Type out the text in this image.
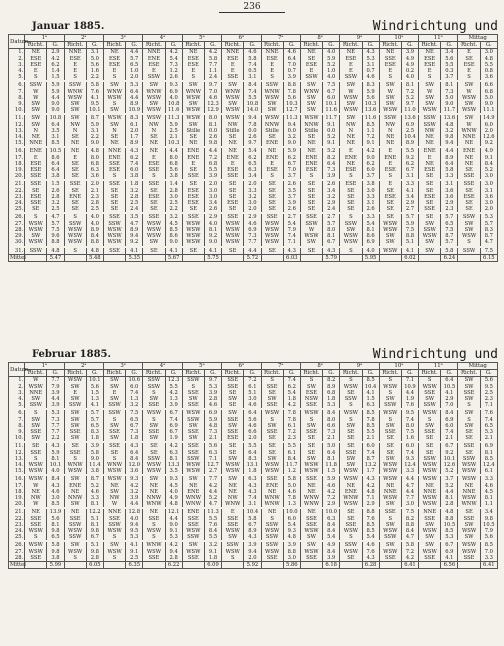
236
Januar 1885.	Windrichtung und
Datum.	1ᵃ		2ᵃ		3ᵃ		4ᵃ		5ᵃ		6ᵃ		7ᵃ		8ᵃ		9ᵃ		10ᵃ		11ᵃ		Mittag	
	Richt.	G.	Richt.	G.	Richt.	G.	Richt.	G.	Richt.	G.	Richt.	G.	Richt.	G.	Richt.	G.	Richt.	G.	Richt.	G.	Richt.	G.	Richt.	G.
1.	NE	2.9	NNE	3.1	NE	4.4	NNE	4.2	NE	4.2	NNE	4.6	NNE	4.6	NE	4.0	NE	4.3	NE	3.9	NE	3.4	E	3.0
2.	ESE	4.2	ESE	5.0	ESE	5.7	ENE	5.4	ESE	5.8	ESE	5.8	ESE	6.4	SE	5.9	ESE	5.3	SSE	4.9	ESE	5.6	SE	4.8
3.	ESE	6.2	E	5.6	ESE	6.5	ESE	7.3	ESE	7.7	E	7.4	E	7.0	ESE	5.2	E	3.1	ESE	4.9	ESE	5.5	ESE	5.5
4.	E	1.4	E	1.6	E	1.0	E	1.2	E	1.1	E	0.5	E	0.7	E	1.0	E	0.7	E	0.2	E	0.3	E	0.8
5.	S	1.5	S	2.2	S	2.0	SSW	2.6	S	2.4	SSE	3.1	S	3.9	SSW	4.0	SSW	4.6	S	4.0	S	3.7	S	3.6

6.	SSW	5.9	SSW	5.8	SW	5.3	SW	9.3	SW	9.7	SW	8.4	SSW	8.8	SW	7.5	SW	8.3	SW	8.1	SW	8.1	SW	6.6
7.	W	5.9	WNW	7.6	WNW	6.4	WNW	6.9	WNW	7.0	WNW	7.4	WNW	7.8	WNW	6.7	W	5.9	W	7.2	W	7.3	W	6.8
8.	W	4.4	WSW	4.1	WSW	4.4	WSW	4.0	WSW	4.6	WSW	5.5	WSW	5.6	SW	6.0	WSW	5.6	SW	5.2	SW	5.0	WSW	5.0
9.	SW	9.0	SW	9.5	S	8.9	SW	10.8	SW	12.3	SW	10.8	SW	10.3	SW	10.1	SW	10.3	SW	9.7	SW	9.0	SW	9.0
10.	SW	9.0	SW	10.1	SW	10.9	WSW	11.6	WSW	12.9	WSW	14.0	SW	12.7	SW	11.6	WSW	13.6	WSW	11.0	WSW	11.7	WSW	11.1

11.	SW	10.8	SW	8.7	WSW	8.3	WSW	11.3	WSW	8.0	WSW	9.4	WSW	11.3	WSW	11.7	SW	11.6	SSW	13.6	SSW	13.6	SW	14.9
12.	SW	6.4	NW	5.9	SW	6.1	NW	5.9	SW	8.1	NW	7.8	NNW	9.4	NNW	9.1	NW	8.5	NW	6.9	SSW	4.8	W	6.0
13.	N	3.5	N	3.1	N	2.0	N	2.5	Stille	0.0	Stille	0.0	Stille	0.0	Stille	0.0	N	1.1	N	2.5	NW	3.2	WNW	2.0
14.	NE	3.1	SE	2.2	SE	1.7	SE	2.1	SE	2.6	SE	2.6	SE	3.2	SE	5.2	NE	7.2	NE	10.4	NE	9.8	NNE	12.6
15.	NNE	8.5	NE	9.0	NE	8.9	NE	10.3	NE	9.8	NE	9.7	ENE	9.0	NE	9.1	NE	9.1	NE	8.9	NE	9.4	NE	9.2

16.	ENE	10.5	NE	4.8	NNE	4.3	NE	4.4	ENE	4.4	NE	5.4	NE	5.9	NE	5.2	E	4.2	E	5.5	ENE	4.4	ENE	4.9
17.	E	8.6	E	8.0	ENE	6.2	E	8.0	ENE	7.2	ENE	6.2	ENE	6.2	ENE	8.2	ENE	9.0	ENE	9.2	E	8.9	NE	9.1
18.	ESE	6.4	SE	6.8	SSE	7.4	ESE	6.8	E	6.8	E	6.5	E	6.7	ENE	6.4	NE	6.2	E	6.2	NE	6.4	NE	8.4
19.	ESE	6.4	SE	6.3	ESE	6.0	SSE	5.6	SE	5.5	ESE	6.3	ESE	7.0	ESE	7.3	ESE	6.0	ESE	6.7	ESE	5.8	SE	5.2
20.	SSE	3.8	SE	3.6	S	3.8	S	3.8	SSE	3.9	SSE	3.4	S	3.7	S	3.9	S	3.7	S	3.1	SE	3.3	SSE	3.0

21.	SSE	1.5	SSE	2.0	SSE	1.8	SSE	1.4	SE	2.0	SE	2.0	SE	2.6	SE	2.6	ESE	3.8	E	3.3	SE	3.1	SSE	3.0
22.	SE	2.6	SE	2.1	SE	3.2	SE	2.8	ESE	3.0	SE	3.3	SE	3.5	SE	3.4	SE	3.0	SE	4.1	SE	3.6	SE	3.1
23.	ESE	2.8	ENE	2.3	SE	2.8	ESE	3.0	ESE	3.0	SE	3.2	SE	3.7	SE	3.2	SE	3.3	ESE	3.4	ESE	3.6	ESE	3.6
24.	SSE	3.2	SE	2.8	SE	2.5	SE	2.5	ESE	3.4	ESE	3.0	SE	3.9	SE	2.9	SE	3.1	SE	2.9	SE	2.9	SE	3.0
25.	SE	2.5	SE	2.5	SE	2.4	SE	2.2	SE	2.6	SE	2.0	SE	2.6	SE	2.4	SE	2.6	SE	2.7	SSE	2.3	SE	2.0

26.	S	4.7	S	4.0	SSE	3.5	SSE	3.2	SSE	2.9	SSE	2.9	SSE	2.7	SSE	2.7	S	3.3	SE	5.7	SE	5.7	SSW	5.3
27.	WSW	5.7	SSW	4.0	SSW	4.7	WSW	4.5	WSW	4.0	WSW	4.6	WSW	5.4	SSW	5.7	SSW	5.4	WSW	5.9	SW	6.5	SW	5.7
28.	WSW	7.5	WSW	8.9	WSW	8.9	WSW	8.5	WSW	8.1	WSW	6.9	WSW	7.9	W	8.0	SW	8.1	WSW	7.5	SSW	7.5	SW	8.3
29.	SW	9.6	WSW	8.4	WSW	9.4	WSW	8.6	WSW	9.2	WSW	7.3	WSW	7.4	WSW	8.1	WSW	8.6	SW	8.8	WSW	8.7	WSW	8.7
30.	WSW	8.8	WSW	8.8	WSW	9.2	SW	9.0	WSW	9.0	WSW	7.7	WSW	7.1	SW	6.7	WSW	6.9	SW	5.1	SW	5.7	S	4.7

31.	SSW	4.8	S	4.8	SSE	4.1	SE	4.1	SE	4.1	SE	4.4	SE	4.3	SE	4.3	S	4.0	WSW	4.1	SW	5.8	SSW	7.5
Mittel		5.47		5.48		5.35		5.67		5.75		5.72		6.03		5.79		5.95		6.02		6.24		6.15
Februar 1885.	Windrichtung und
Datum.	1ᵃ		2ᵃ		3ᵃ		4ᵃ		5ᵃ		6ᵃ		7ᵃ		8ᵃ		9ᵃ		10ᵃ		11ᵃ		Mittag	
	Richt.	G.	Richt.	G.	Richt.	G.	Richt.	G.	Richt.	G.	Richt.	G.	Richt.	G.	Richt.	G.	Richt.	G.	Richt.	G.	Richt.	G.	Richt.	G.
1.	W	7.7	WSW	10.1	SW	10.6	SSW	12.3	SSW	9.7	SSE	7.2	S	7.4	S	8.2	S	8.5	S	7.1	S	6.4	SW	5.6
2.	WSW	7.9	SW	5.6	SW	6.0	SSW	5.5	S	5.3	SSE	6.1	SSE	6.2	SW	8.9	WSW	10.4	WSW	10.9	WSW	10.5	SW	9.5
3.	NNE	3.9	E	1.5	E	7.4	S	4.2	SSE	3.9	SE	5.1	SE	5.4	ESE	6.8	SE	4.1	S	4.4	SSE	4.1	SSE	2.5
4.	SW	4.4	SW	1.3	SW	1.3	SW	1.3	SW	2.8	SW	3.0	SW	1.8	NSW	1.8	SSW	1.5	SW	1.9	SW	2.9	SW	2.3
5.	SSW	3.9	SSW	4.1	SSW	3.2	SSE	3.9	SSE	4.6	SE	4.6	SSE	4.2	SSE	5.3	S	6.3	SSW	7.6	SSW	7.0	S	7.1

6.	S	5.3	SW	5.7	SSW	7.5	WSW	6.7	WSW	6.9	SW	6.4	WSW	7.8	WSW	8.4	WSW	8.5	WSW	9.5	WSW	8.4	SW	7.6
7.	SW	7.3	SW	5.7	S	6.5	S	7.4	SSW	5.9	SSE	5.6	S	7.8	S	8.0	S	7.8	S	7.4	S	6.9	S	7.4
8.	SW	7.7	SW	6.5	SW	6.7	SW	6.9	SW	4.8	SW	4.6	SW	6.1	SW	6.6	SW	8.5	SW	8.0	SW	6.0	SW	6.5
9.	SSE	7.7	SSE	8.3	SSE	7.3	SSE	6.7	SSE	7.3	SSE	6.6	SSE	7.2	SSE	7.3	SE	5.5	SSE	7.5	SSE	7.4	SE	5.3
10.	SW	2.2	SW	1.8	SW	1.8	SW	1.9	SW	2.1	ESE	2.0	SE	2.3	SE	2.1	SE	2.1	SE	1.6	SE	2.1	SE	2.1

11.	SE	4.3	SE	3.9	SSE	4.3	SE	4.2	SSE	5.6	SE	5.5	SE	5.5	SE	5.0	SE	6.0	SE	6.0	SE	6.7	SSE	6.9
12.	SSE	5.9	SSE	5.8	SE	6.4	SE	6.3	SSE	6.3	SE	6.4	SE	6.1	SE	6.4	SSE	7.4	SE	7.4	SE	9.2	SE	8.1
13.	S	8.1	S	9.0	S	8.4	SSW	8.1	SSW	7.1	SW	8.3	SW	8.4	SW	8.1	SW	8.7	SW	9.3	SSW	10.1	SSW	8.5
14.	WSW	10.1	WNW	11.4	WNW	12.0	WSW	13.3	WSW	12.7	WSW	13.1	WSW	11.7	WSW	11.8	SW	13.2	WSW	12.4	WSW	12.6	WSW	12.4
15.	WSW	4.0	WSW	3.8	WSW	3.6	WSW	3.5	WSW	2.7	WSW	1.8	WSW	1.2	WSW	1.5	WSW	1.7	WSW	3.3	WSW	5.2	WSW	6.1

16.	WSW	8.4	SW	8.7	WSW	9.3	SW	9.3	SW	7.7	SW	6.3	SSE	5.8	SSE	5.9	WSW	4.3	WSW	4.4	WSW	3.7	WSW	3.3
17.	W	4.3	ENE	5.2	NE	4.2	NE	4.5	NE	4.2	NE	4.3	ENE	5.0	NE	4.6	NE	4.2	NE	4.7	NE	5.2	NE	4.6
18.	NE	4.6	NE	4.6	SW	3.2	NE	4.0	ENE	4.4	NE	4.3	NE	4.6	NE	4.2	ENE	4.8	NNE	4.4	NNE	4.4	NNE	4.5
19.	NW	3.0	NNW	3.3	NW	3.9	NNW	4.9	WNW	5.2	NW	7.4	WNW	7.8	WNW	7.2	WNW	7.1	WSW	7.7	WSW	8.1	WSW	8.1
20.	W	8.5	SW	8.1	W	4.4	WNW	4.8	WNW	4.7	WNW	3.1	WNW	1.3	WNW	2.9	WSW	2.9	SW	3.0	WSW	2.8	WNW	1.1

21.	NE	13.9	NE	12.2	NNE	12.8	NE	12.1	ENE	11.3	E	10.4	NE	10.0	NE	10.0	SE	8.8	SSE	7.5	NNE	4.8	SE	3.4
22.	SSE	5.6	SSE	5.1	SSE	4.0	SSE	4.4	SSE	5.5	SSE	5.8	S	6.0	SSE	6.3	SE	7.6	S	8.2	SSE	8.8	SSE	9.8
23.	SSE	8.1	SSW	8.1	SSW	9.4	S	9.0	SSE	7.6	SSE	6.7	SSW	5.4	SSE	8.4	SSE	8.5	SW	8.8	SW	10.5	SW	10.5
24.	WSW	9.8	WSW	9.8	WSW	9.5	WSW	9.1	WSW	8.4	WSW	8.9	WSW	9.3	WSW	8.4	WSW	8.5	WSW	8.4	WSW	8.5	WSW	7.9
25.	S	6.5	SSW	6.7	S	5.3	S	5.3	SSW	5.5	SW	4.3	SSW	4.8	SW	5.4	S	5.4	SSW	4.7	SW	5.3	SW	5.6

26.	WSW	5.8	SW	5.1	SW	4.1	WNW	4.2	SW	3.2	SSW	3.9	SSW	3.9	SW	4.9	SSW	4.6	SW	5.8	SW	6.7	WSW	8.5
27.	WSW	9.8	WSW	9.8	WSW	9.1	WSW	9.4	WSW	9.1	WSW	9.4	WSW	8.8	WSW	8.4	WSW	7.6	WSW	7.2	WSW	6.9	WSW	7.0
28.	SSE	3.8	S	2.8	S	2.5	SSE	2.8	SSE	1.8	S	2.0	SSE	3.0	SSE	3.9	SE	4.3	SSE	4.2	SSE	4.1	SSE	3.3
Mittel		5.99		6.05		6.35		6.22		6.09		5.92		5.86		6.18		6.28		6.41		6.56		6.41
